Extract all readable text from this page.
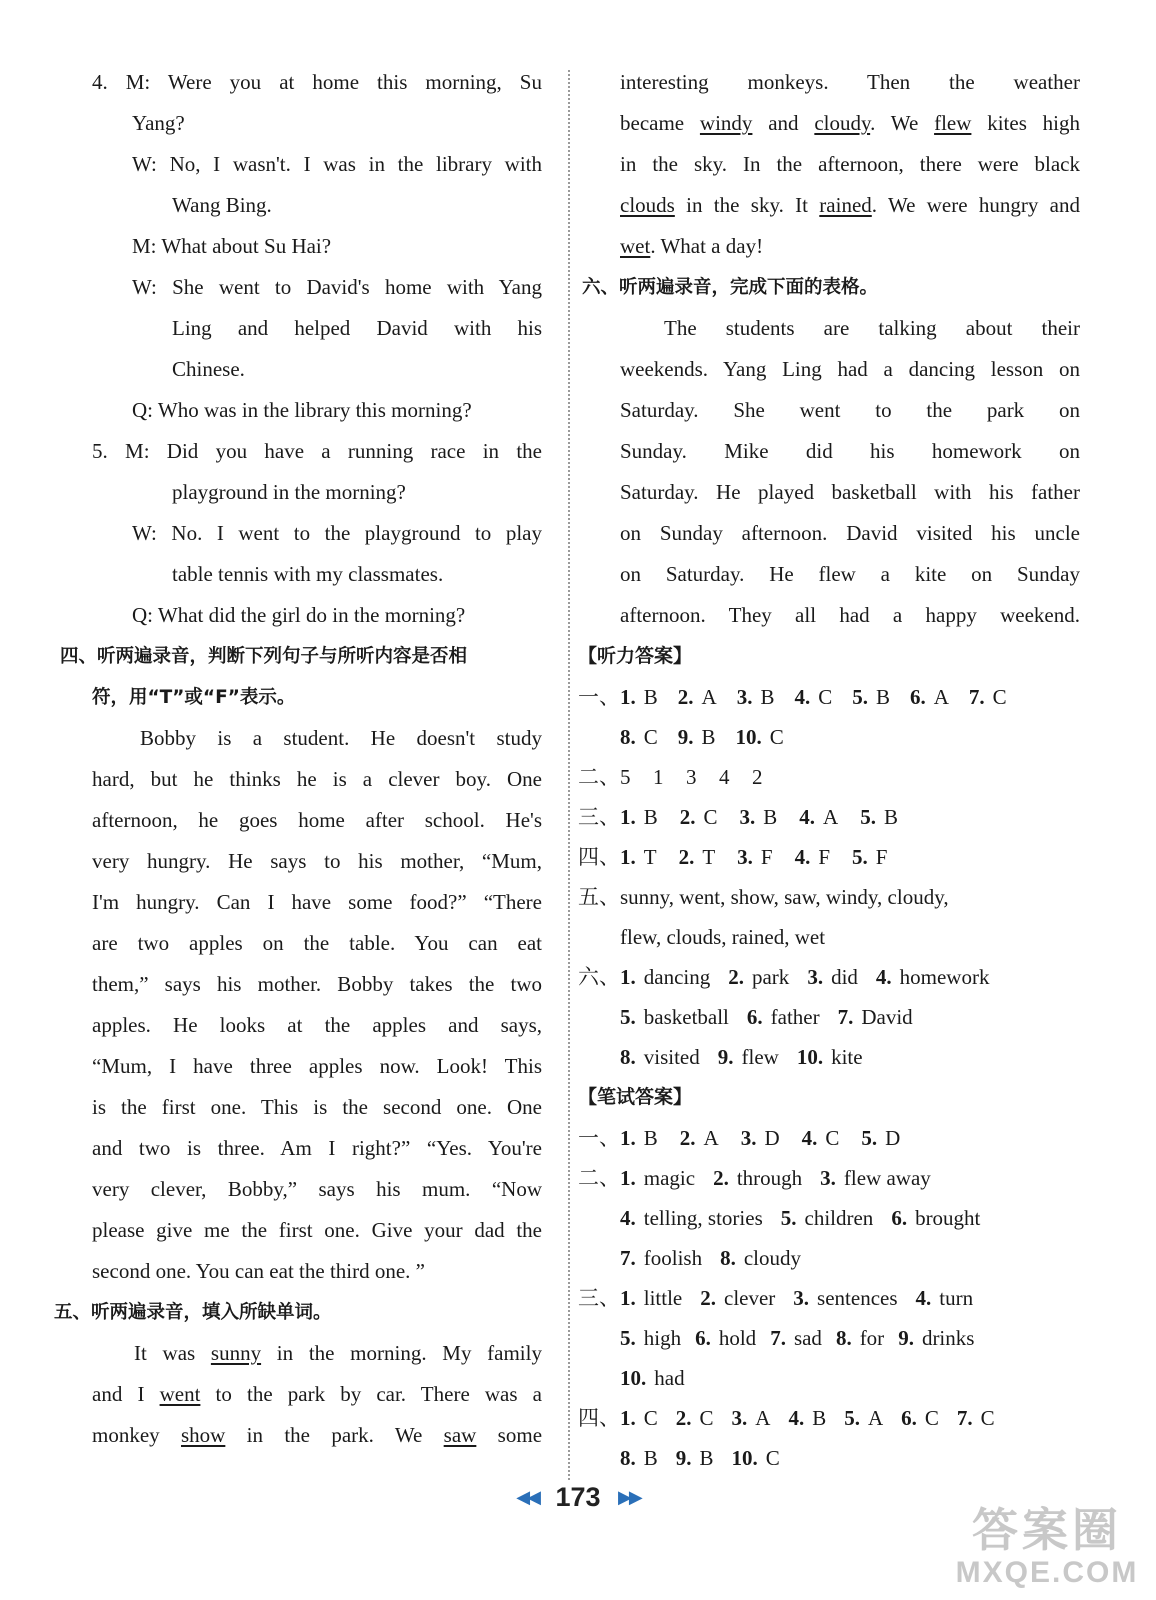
4. M: Were you at home this morning, Su
Yang?
W: No, I wasn't. I was in the library with
Wang Bing.
M: What about Su Hai?
W: She went to David's home with Yang
Ling and helped David with his
Chinese.
Q: Who was in the library this morning?
5. M: Did you have a running race in the
playground in the morning?
W: No. I went to the playground to play
table tennis with my classmates.
Q: What did the girl do in the morning?
四、听两遍录音，判断下列句子与所听内容是否相
符，用“T”或“F”表示。
Bobby is a student. He doesn't study
hard, but he thinks he is a clever boy. One
afternoon, he goes home after school. He's
very hungry. He says to his mother, “Mum,
I'm hungry. Can I have some food?” “There
are two apples on the table. You can eat
them,” says his mother. Bobby takes the two
apples. He looks at the apples and says,
“Mum, I have three apples now. Look! This
is the first one. This is the second one. One
and two is three. Am I right?” “Yes. You're
very clever, Bobby,” says his mum. “Now
please give me the first one. Give your dad the
second one. You can eat the third one. ”
五、听两遍录音，填入所缺单词。
It was sunny in the morning. My family
and I went to the park by car. There was a
monkey show in the park. We saw some
interesting monkeys. Then the weather
became windy and cloudy. We flew kites high
in the sky. In the afternoon, there were black
clouds in the sky. It rained. We were hungry and
wet. What a day!
六、听两遍录音，完成下面的表格。
The students are talking about their
weekends. Yang Ling had a dancing lesson on
Saturday. She went to the park on
Sunday. Mike did his homework on
Saturday. He played basketball with his father
on Sunday afternoon. David visited his uncle
on Saturday. He flew a kite on Sunday
afternoon. They all had a happy weekend.
【听力答案】
一、1. B 2. A 3. B 4. C 5. B 6. A 7. C
8. C 9. B 10. C
二、5  1  3  4  2
三、1. B 2. C 3. B 4. A 5. B
四、1. T 2. T 3. F 4. F 5. F
五、sunny, went, show, saw, windy, cloudy,
flew, clouds, rained, wet
六、1. dancing 2. park 3. did 4. homework
5. basketball 6. father 7. David
8. visited 9. flew 10. kite
【笔试答案】
一、1. B 2. A 3. D 4. C 5. D
二、1. magic 2. through 3. flew away
4. telling, stories 5. children 6. brought
7. foolish 8. cloudy
三、1. little 2. clever 3. sentences 4. turn
5. high 6. hold 7. sad 8. for 9. drinks
10. had
四、1. C 2. C 3. A 4. B 5. A 6. C 7. C
8. B 9. B 10. C
◀◀ 173 ▶▶
答案圈
MXQE.COM
